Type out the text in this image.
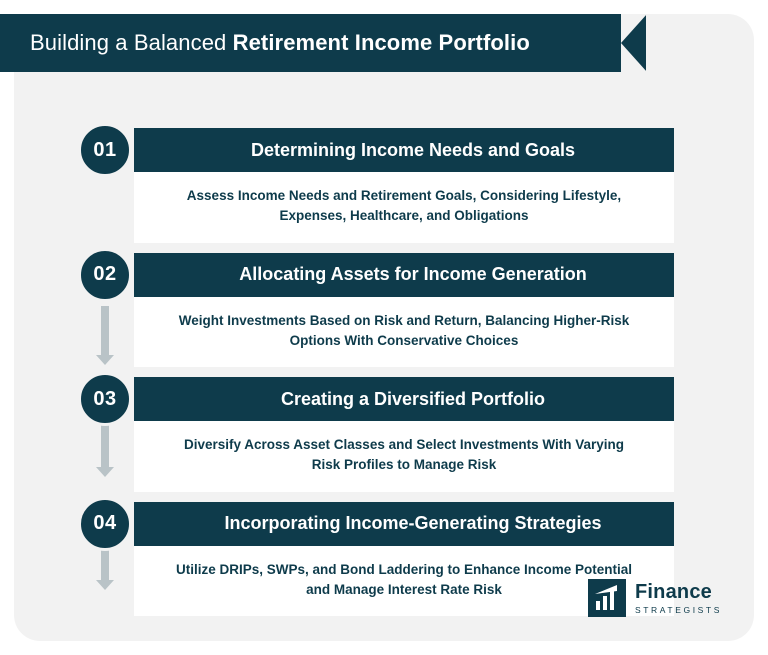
Building a Balanced Retirement Income Portfolio
01	Determining Income Needs and Goals
Assess Income Needs and Retirement Goals, Considering Lifestyle, Expenses, Healthcare, and Obligations
02	Allocating Assets for Income Generation
Weight Investments Based on Risk and Return, Balancing Higher-Risk Options With Conservative Choices
03	Creating a Diversified Portfolio
Diversify Across Asset Classes and Select Investments With Varying Risk Profiles to Manage Risk
04	Incorporating Income-Generating Strategies
Utilize DRIPs, SWPs, and Bond Laddering to Enhance Income Potential and Manage Interest Rate Risk	Finance
STRATEGISTS
